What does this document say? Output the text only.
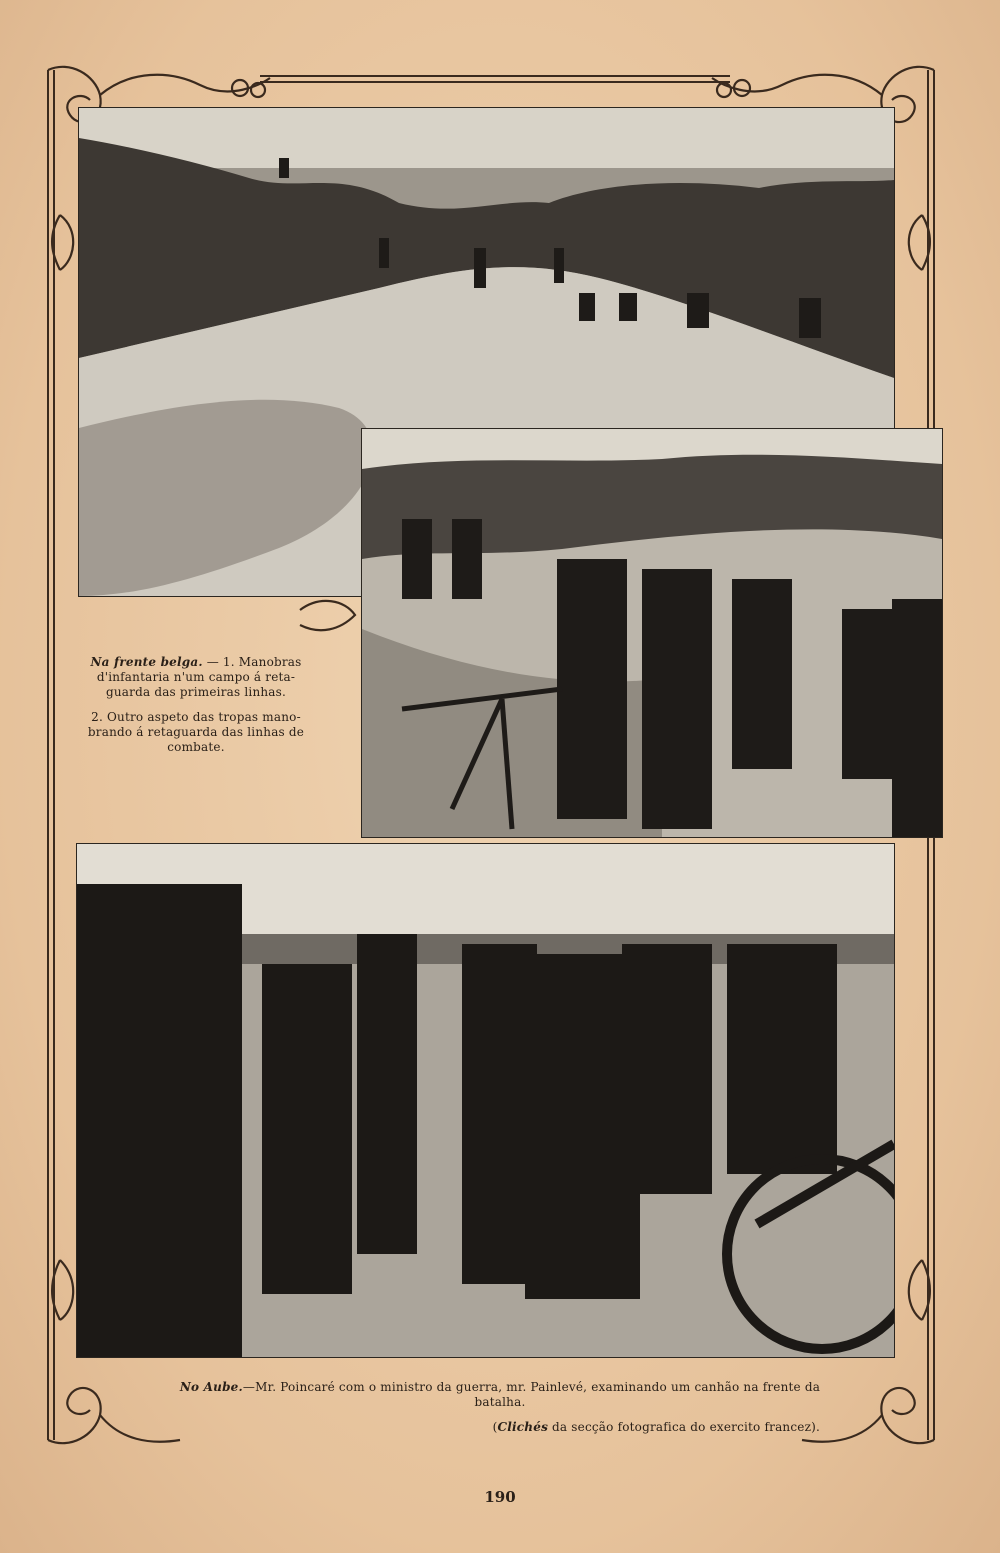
Na frente belga. — 1. Manobras d'infantaria n'um campo á reta-guarda das primeiras linhas.
2. Outro aspeto das tropas mano-brando á retaguarda das linhas de combate.
No Aube.—Mr. Poincaré com o ministro da guerra, mr. Painlevé, examinando um canhão na frente da batalha.
(Clichés da secção fotografica do exercito francez).
190
